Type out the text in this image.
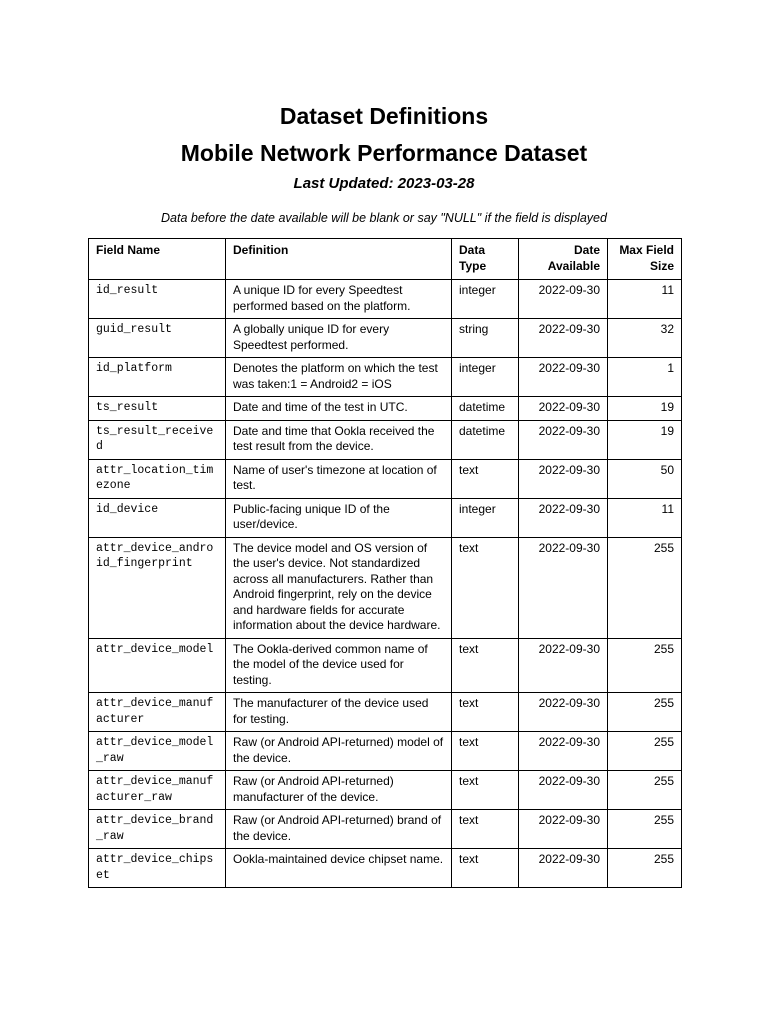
Dataset Definitions
Mobile Network Performance Dataset

Last Updated: 2023-03-28

Data before the date available will be blank or say "NULL" if the field is displayed

Field Name	Definition	Data Type	Date Available	Max Field Size
id_result	A unique ID for every Speedtest performed based on the platform.	integer	2022-09-30	11
guid_result	A globally unique ID for every Speedtest performed.	string	2022-09-30	32
id_platform	Denotes the platform on which the test was taken:1 = Android2 = iOS	integer	2022-09-30	1
ts_result	Date and time of the test in UTC.	datetime	2022-09-30	19
ts_result_received	Date and time that Ookla received the test result from the device.	datetime	2022-09-30	19
attr_location_timezone	Name of user's timezone at location of test.	text	2022-09-30	50
id_device	Public-facing unique ID of the user/device.	integer	2022-09-30	11
attr_device_android_fingerprint	The device model and OS version of the user's device. Not standardized across all manufacturers. Rather than Android fingerprint, rely on the device and hardware fields for accurate information about the device hardware.	text	2022-09-30	255
attr_device_model	The Ookla-derived common name of the model of the device used for testing.	text	2022-09-30	255
attr_device_manufacturer	The manufacturer of the device used for testing.	text	2022-09-30	255
attr_device_model_raw	Raw (or Android API-returned) model of the device.	text	2022-09-30	255
attr_device_manufacturer_raw	Raw (or Android API-returned) manufacturer of the device.	text	2022-09-30	255
attr_device_brand_raw	Raw (or Android API-returned) brand of the device.	text	2022-09-30	255
attr_device_chipset	Ookla-maintained device chipset name.	text	2022-09-30	255
